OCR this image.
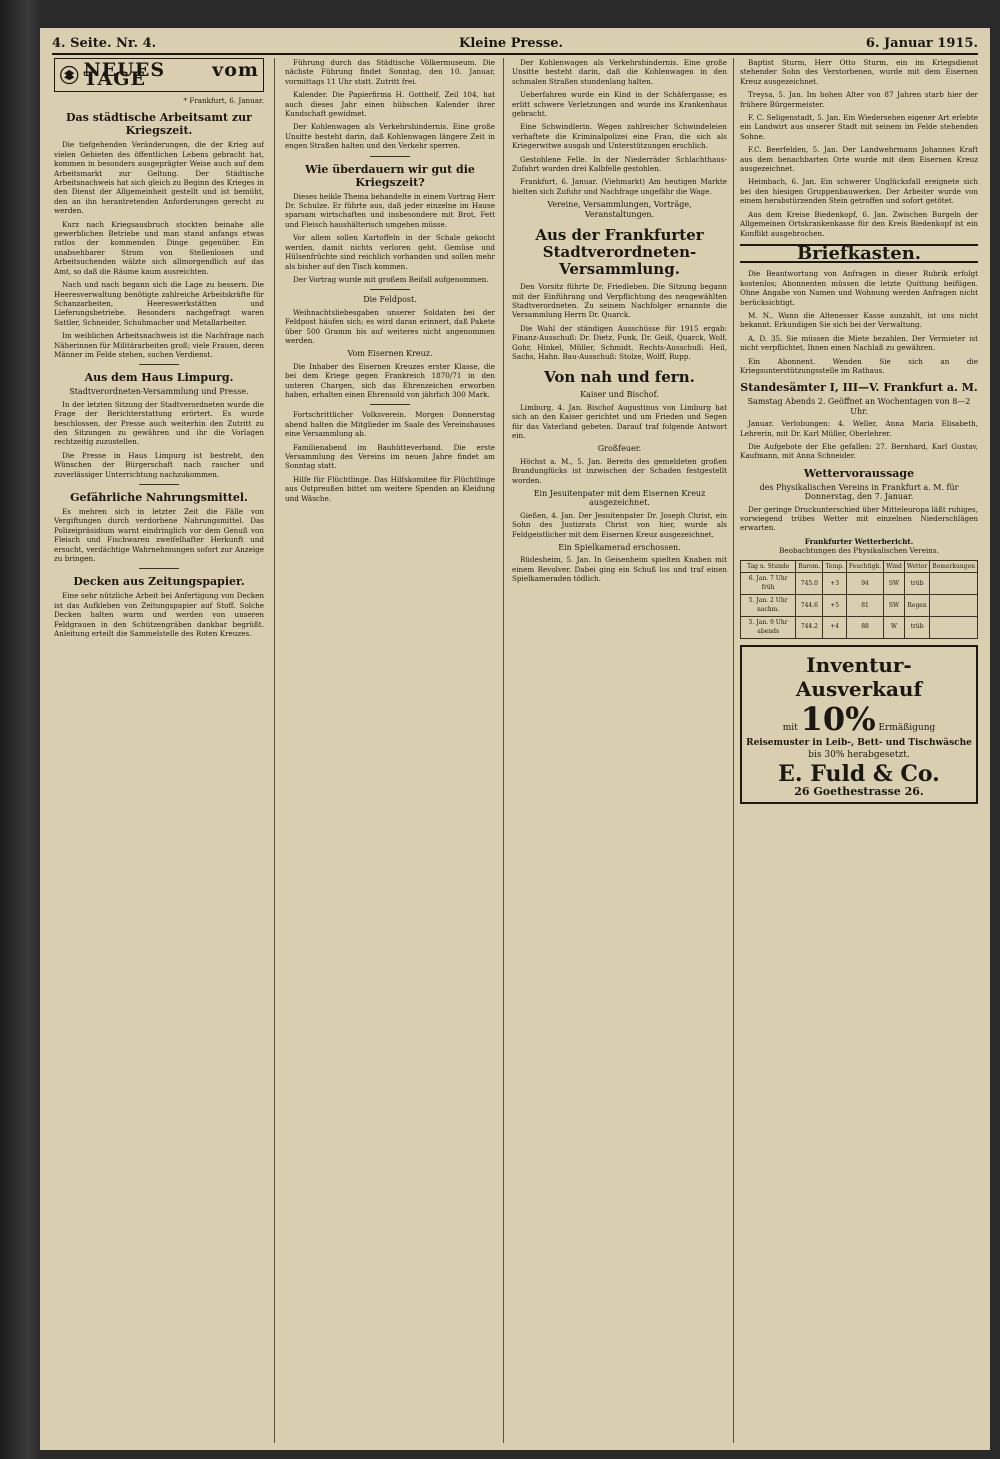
4. Seite. Nr. 4.	Kleine Presse.	6. Januar 1915.
NEUES vom TAGE
* Frankfurt, 6. Januar.
Das städtische Arbeitsamt zur Kriegszeit.

Die tiefgehenden Veränderungen, die der Krieg auf vielen Gebieten des öffentlichen Lebens gebracht hat, kommen in besonders ausgeprägter Weise auch auf dem Arbeitsmarkt zur Geltung. Der Städtische Arbeitsnachweis hat sich gleich zu Beginn des Krieges in den Dienst der Allgemeinheit gestellt und ist bemüht, den an ihn herantretenden Anforderungen gerecht zu werden.

Kurz nach Kriegsausbruch stockten beinahe alle gewerblichen Betriebe und man stand anfangs etwas ratlos der kommenden Dinge gegenüber. Ein unabsehbarer Strom von Stellenlosen und Arbeitsuchenden wälzte sich allmorgendlich auf das Amt, so daß die Räume kaum ausreichten.

Nach und nach begann sich die Lage zu bessern. Die Heeresverwaltung benötigte zahlreiche Arbeitskräfte für Schanzarbeiten, Heereswerkstätten und Lieferungsbetriebe. Besonders nachgefragt waren Sattler, Schneider, Schuhmacher und Metallarbeiter.

Im weiblichen Arbeitsnachweis ist die Nachfrage nach Näherinnen für Militärarbeiten groß; viele Frauen, deren Männer im Felde stehen, suchen Verdienst.

Aus dem Haus Limpurg.
Stadtverordneten-Versammlung und Presse.

In der letzten Sitzung der Stadtverordneten wurde die Frage der Berichterstattung erörtert. Es wurde beschlossen, der Presse auch weiterhin den Zutritt zu den Sitzungen zu gewähren und ihr die Vorlagen rechtzeitig zuzustellen.

Die Presse in Haus Limpurg ist bestrebt, den Wünschen der Bürgerschaft nach rascher und zuverlässiger Unterrichtung nachzukommen.

Gefährliche Nahrungsmittel.

Es mehren sich in letzter Zeit die Fälle von Vergiftungen durch verdorbene Nahrungsmittel. Das Polizeipräsidium warnt eindringlich vor dem Genuß von Fleisch und Fischwaren zweifelhafter Herkunft und ersucht, verdächtige Wahrnehmungen sofort zur Anzeige zu bringen.

Decken aus Zeitungspapier.

Eine sehr nützliche Arbeit bei Anfertigung von Decken ist das Aufkleben von Zeitungspapier auf Stoff. Solche Decken halten warm und werden von unseren Feldgrauen in den Schützengräben dankbar begrüßt. Anleitung erteilt die Sammelstelle des Roten Kreuzes.

Führung durch das Städtische Völkermuseum. Die nächste Führung findet Sonntag, den 10. Januar, vormittags 11 Uhr statt. Zutritt frei.

Kalender. Die Papierfirma H. Gotthelf, Zeil 104, hat auch dieses Jahr einen hübschen Kalender ihrer Kundschaft gewidmet.

Der Kohlenwagen als Verkehrshindernis. Eine große Unsitte besteht darin, daß Kohlenwagen längere Zeit in engen Straßen halten und den Verkehr sperren.

Wie überdauern wir gut die Kriegszeit?

Dieses heikle Thema behandelte in einem Vortrag Herr Dr. Schulze. Er führte aus, daß jeder einzelne im Hause sparsam wirtschaften und insbesondere mit Brot, Fett und Fleisch haushälterisch umgehen müsse.

Vor allem sollen Kartoffeln in der Schale gekocht werden, damit nichts verloren geht. Gemüse und Hülsenfrüchte sind reichlich vorhanden und sollen mehr als bisher auf den Tisch kommen.

Der Vortrag wurde mit großem Beifall aufgenommen.

Die Feldpost.

Weihnachtsliebesgaben unserer Soldaten bei der Feldpost häufen sich; es wird daran erinnert, daß Pakete über 500 Gramm bis auf weiteres nicht angenommen werden.

Vom Eisernen Kreuz.

Die Inhaber des Eisernen Kreuzes erster Klasse, die bei dem Kriege gegen Frankreich 1870/71 in den unteren Chargen, sich das Ehrenzeichen erworben haben, erhalten einen Ehrensold von jährlich 300 Mark.

Fortschrittlicher Volksverein. Morgen Donnerstag abend halten die Mitglieder im Saale des Vereinshauses eine Versammlung ab.

Familienabend im Bauhütteverband. Die erste Versammlung des Vereins im neuen Jahre findet am Sonntag statt.

Hilfe für Flüchtlinge. Das Hilfskomitee für Flüchtlinge aus Ostpreußen bittet um weitere Spenden an Kleidung und Wäsche.

Der Kohlenwagen als Verkehrshindernis. Eine große Unsitte besteht darin, daß die Kohlenwagen in den schmalen Straßen stundenlang halten.

Ueberfahren wurde ein Kind in der Schäfergasse; es erlitt schwere Verletzungen und wurde ins Krankenhaus gebracht.

Eine Schwindlerin. Wegen zahlreicher Schwindeleien verhaftete die Kriminalpolizei eine Frau, die sich als Kriegerwitwe ausgab und Unterstützungen erschlich.

Gestohlene Felle. In der Niederräder Schlachthaus-Zufahrt wurden drei Kalbfelle gestohlen.

Frankfurt, 6. Januar. (Viehmarkt) Am heutigen Markte hielten sich Zufuhr und Nachfrage ungefähr die Wage.

Vereine, Versammlungen, Vorträge, Veranstaltungen.
Aus der Frankfurter Stadtverordneten-Versammlung.

Den Vorsitz führte Dr. Friedleben. Die Sitzung begann mit der Einführung und Verpflichtung des neugewählten Stadtverordneten. Zu seinem Nachfolger ernannte die Versammlung Herrn Dr. Quarck.

Die Wahl der ständigen Ausschüsse für 1915 ergab: Finanz-Ausschuß: Dr. Dietz, Funk, Dr. Geiß, Quarck, Wolf, Gohr, Hinkel, Müller, Schmidt. Rechts-Ausschuß: Heil, Sachs, Hahn. Bau-Ausschuß: Stolze, Wolff, Rupp.

Von nah und fern.
Kaiser und Bischof.

Limburg, 4. Jan. Bischof Augustinus von Limburg hat sich an den Kaiser gerichtet und um Frieden und Segen für das Vaterland gebeten. Darauf traf folgende Antwort ein.

Großfeuer.

Höchst a. M., 5. Jan. Bereits des gemeldeten großen Brandunglücks ist inzwischen der Schaden festgestellt worden.

Ein Jesuitenpater mit dem Eisernen Kreuz ausgezeichnet.

Gießen, 4. Jan. Der Jesuitenpater Dr. Joseph Christ, ein Sohn des Justizrats Christ von hier, wurde als Feldgeistlicher mit dem Eisernen Kreuz ausgezeichnet.

Ein Spielkamerad erschossen.

Rüdesheim, 5. Jan. In Geisenheim spielten Knaben mit einem Revolver. Dabei ging ein Schuß los und traf einen Spielkameraden tödlich.

Baptist Sturm, Herr Otto Sturm, ein im Kriegsdienst stehender Sohn des Verstorbenen, wurde mit dem Eisernen Kreuz ausgezeichnet.

Treysa, 5. Jan. Im hohen Alter von 87 Jahren starb hier der frühere Bürgermeister.

F. C. Seligenstadt, 5. Jan. Ein Wiedersehen eigener Art erlebte ein Landwirt aus unserer Stadt mit seinem im Felde stehenden Sohne.

F.C. Beerfelden, 5. Jan. Der Landwehrmann Johannes Kraft aus dem benachbarten Orte wurde mit dem Eisernen Kreuz ausgezeichnet.

Heimbach, 6. Jan. Ein schwerer Unglücksfall ereignete sich bei den hiesigen Gruppenbauwerken. Der Arbeiter wurde von einem herabstürzenden Stein getroffen und sofort getötet.

Aus dem Kreise Biedenkopf, 6. Jan. Zwischen Burgeln der Allgemeinen Ortskrankenkasse für den Kreis Biedenkopf ist ein Konflikt ausgebrochen.

Briefkasten.

Die Beantwortung von Anfragen in dieser Rubrik erfolgt kostenlos; Abonnenten müssen die letzte Quittung beifügen. Ohne Angabe von Namen und Wohnung werden Anfragen nicht berücksichtigt.

M. N., Wann die Altenesser Kasse auszahlt, ist uns nicht bekannt. Erkundigen Sie sich bei der Verwaltung.

A. D. 35. Sie müssen die Miete bezahlen. Der Vermieter ist nicht verpflichtet, Ihnen einen Nachlaß zu gewähren.

Ein Abonnent. Wenden Sie sich an die Kriegsunterstützungsstelle im Rathaus.

Standesämter I, III—V. Frankfurt a. M.
Samstag Abends 2. Geöffnet an Wochentagen von 8—2 Uhr.

Januar. Verlobungen: 4. Weller, Anna Maria Elisabeth, Lehrerin, mit Dr. Karl Müller, Oberlehrer.

Die Aufgebote der Ehe gefallen: 27. Bernhard, Karl Gustav, Kaufmann, mit Anna Schneider.

Wettervoraussage
des Physikalischen Vereins in Frankfurt a. M. für Donnerstag, den 7. Januar.

Der geringe Druckunterschied über Mitteleuropa läßt ruhiges, vorwiegend trübes Wetter mit einzelnen Niederschlägen erwarten.

Frankfurter Wetterbericht.
Beobachtungen des Physikalischen Vereins.
Tag u. Stunde	Barom.	Temp.	Feuchtigk.	Wind	Wetter	Bemerkungen
6. Jan. 7 Uhr früh	745.0	+3	94	SW	trüb	
5. Jan. 2 Uhr nachm.	744.6	+5	81	SW	Regen	
5. Jan. 9 Uhr abends	744.2	+4	88	W	trüb	
Inventur-Ausverkauf
mit 10% Ermäßigung
Reisemuster in Leib-, Bett- und Tischwäsche
bis 30% herabgesetzt.
E. Fuld & Co.
26 Goethestrasse 26.
